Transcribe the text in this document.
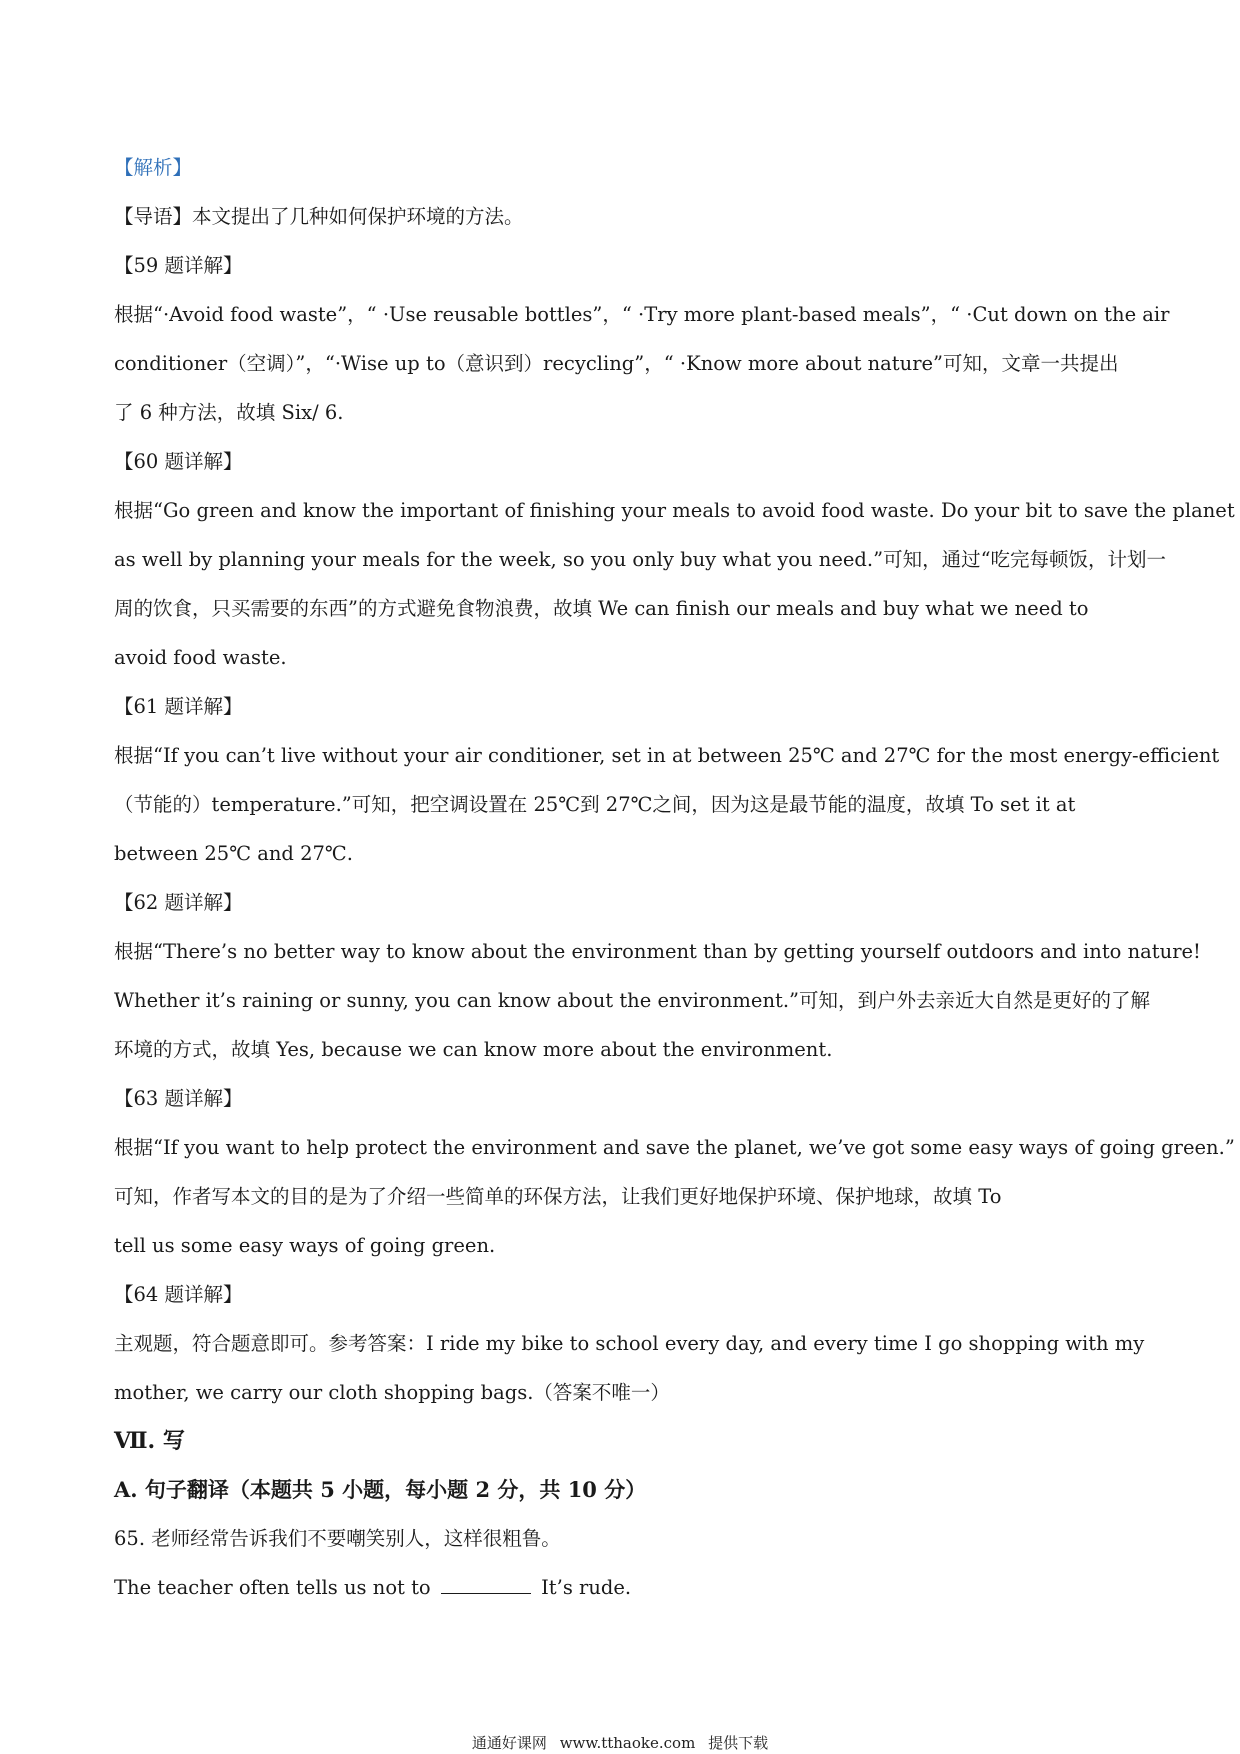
【解析】
【导语】本文提出了几种如何保护环境的方法。
【59 题详解】
根据“·Avoid food waste”，“ ·Use reusable bottles”，“ ·Try more plant-based meals”，“ ·Cut down on the air
conditioner（空调）”，“·Wise up to（意识到）recycling”，“ ·Know more about nature”可知，文章一共提出
了 6 种方法，故填 Six/ 6.
【60 题详解】
根据“Go green and know the important of finishing your meals to avoid food waste. Do your bit to save the planet
as well by planning your meals for the week, so you only buy what you need.”可知，通过“吃完每顿饭，计划一
周的饮食，只买需要的东西”的方式避免食物浪费，故填 We can finish our meals and buy what we need to
avoid food waste.
【61 题详解】
根据“If you can’t live without your air conditioner, set in at between 25℃ and 27℃ for the most energy-efficient
（节能的）temperature.”可知，把空调设置在 25℃到 27℃之间，因为这是最节能的温度，故填 To set it at
between 25℃ and 27℃.
【62 题详解】
根据“There’s no better way to know about the environment than by getting yourself outdoors and into nature!
Whether it’s raining or sunny, you can know about the environment.”可知，到户外去亲近大自然是更好的了解
环境的方式，故填 Yes, because we can know more about the environment.
【63 题详解】
根据“If you want to help protect the environment and save the planet, we’ve got some easy ways of going green.”
可知，作者写本文的目的是为了介绍一些简单的环保方法，让我们更好地保护环境、保护地球，故填 To
tell us some easy ways of going green.
【64 题详解】
主观题，符合题意即可。参考答案：I ride my bike to school every day, and every time I go shopping with my
mother, we carry our cloth shopping bags.（答案不唯一）
Ⅶ. 写
A. 句子翻译（本题共 5 小题，每小题 2 分，共 10 分）
65. 老师经常告诉我们不要嘲笑别人，这样很粗鲁。
The teacher often tells us not to	It’s rude.
通通好课网 www.tthaoke.com 提供下载
